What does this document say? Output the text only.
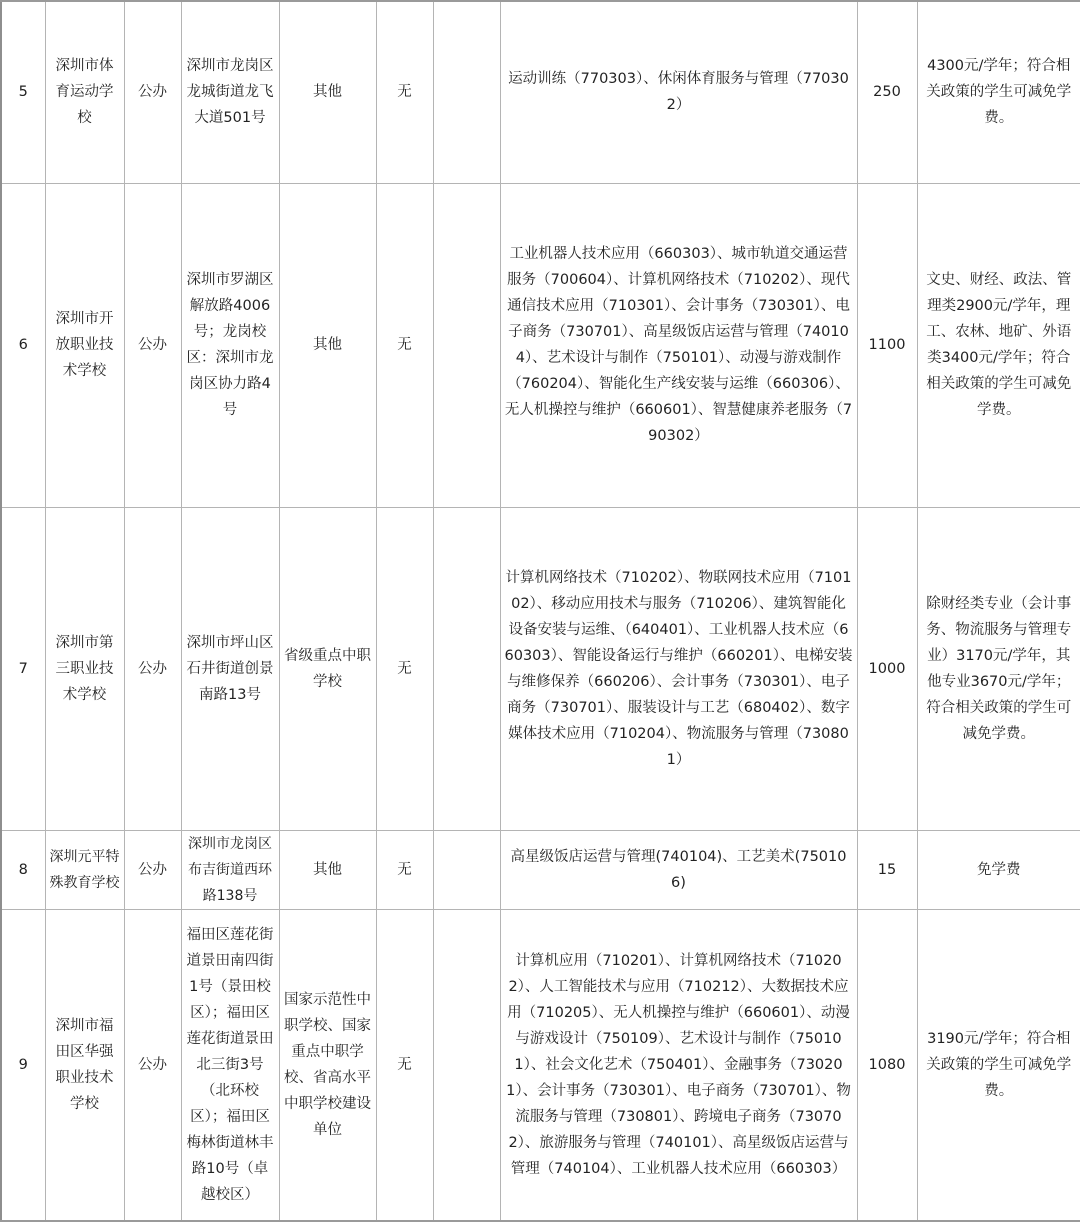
5	深圳市体育运动学校	公办	深圳市龙岗区龙城街道龙飞大道501号	其他	无		运动训练（770303）、休闲体育服务与管理（770302）	250	4300元/学年；符合相关政策的学生可减免学费。
6	深圳市开放职业技术学校	公办	深圳市罗湖区解放路4006号；龙岗校区：深圳市龙岗区协力路4号	其他	无		工业机器人技术应用（660303）、城市轨道交通运营服务（700604）、计算机网络技术（710202）、现代通信技术应用（710301）、会计事务（730301）、电子商务（730701）、高星级饭店运营与管理（740104）、艺术设计与制作（750101）、动漫与游戏制作（760204）、智能化生产线安装与运维（660306）、无人机操控与维护（660601）、智慧健康养老服务（790302）	1100	文史、财经、政法、管理类2900元/学年，理工、农林、地矿、外语类3400元/学年；符合相关政策的学生可减免学费。
7	深圳市第三职业技术学校	公办	深圳市坪山区石井街道创景南路13号	省级重点中职学校	无		计算机网络技术（710202）、物联网技术应用（710102）、移动应用技术与服务（710206）、建筑智能化设备安装与运维、（640401）、工业机器人技术应（660303）、智能设备运行与维护（660201）、电梯安装与维修保养（660206）、会计事务（730301）、电子商务（730701）、服装设计与工艺（680402）、数字媒体技术应用（710204）、物流服务与管理（730801）	1000	除财经类专业（会计事务、物流服务与管理专业）3170元/学年，其他专业3670元/学年；符合相关政策的学生可减免学费。
8	深圳元平特殊教育学校	公办	深圳市龙岗区布吉街道西环路138号	其他	无		高星级饭店运营与管理(740104)、工艺美术(750106)	15	免学费
9	深圳市福田区华强职业技术学校	公办	福田区莲花街道景田南四街1号（景田校区）；福田区莲花街道景田北三街3号（北环校区）；福田区梅林街道林丰路10号（卓越校区）	国家示范性中职学校、国家重点中职学校、省高水平中职学校建设单位	无		计算机应用（710201）、计算机网络技术（710202）、人工智能技术与应用（710212）、大数据技术应用（710205）、无人机操控与维护（660601）、动漫与游戏设计（750109）、艺术设计与制作（750101）、社会文化艺术（750401）、金融事务（730201）、会计事务（730301）、电子商务（730701）、物流服务与管理（730801）、跨境电子商务（730702）、旅游服务与管理（740101）、高星级饭店运营与管理（740104）、工业机器人技术应用（660303）	1080	3190元/学年；符合相关政策的学生可减免学费。
